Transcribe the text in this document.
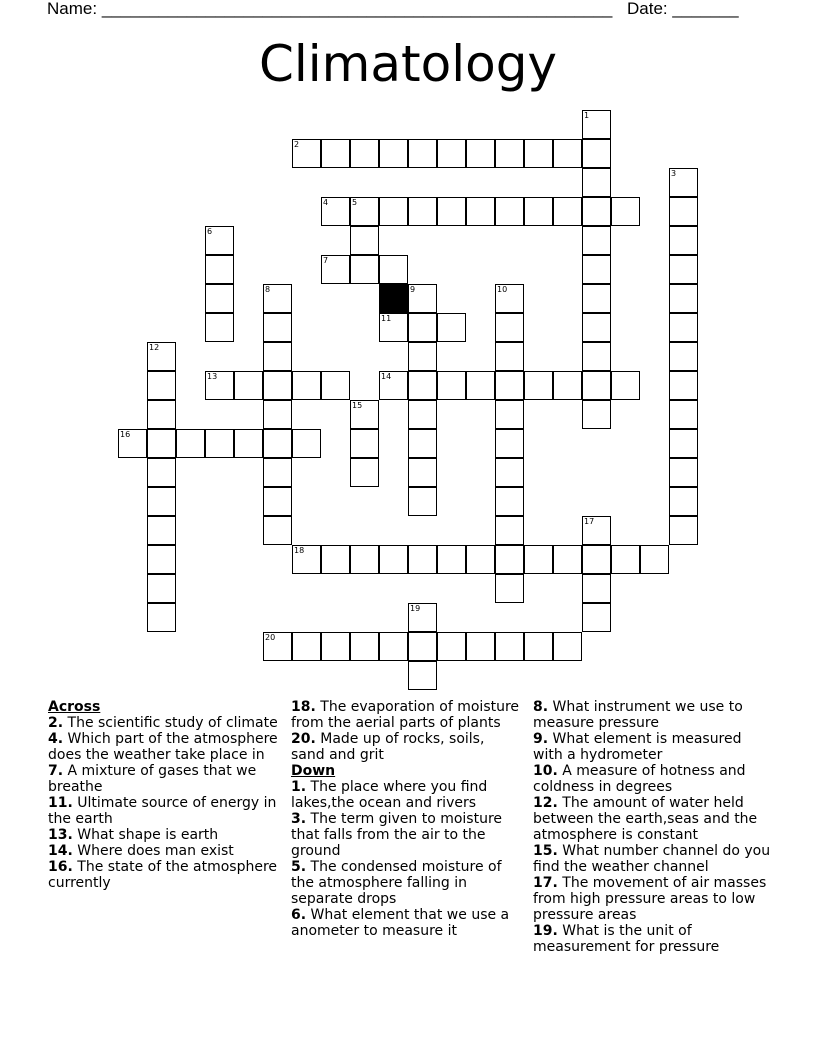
Name: ______________________________________________________ Date: _______
Climatology
1
2
3
4	5
6
7
8	9	10
11
12
13	14
15
16
17
18
19
20
Across
2. The scientific study of climate
4. Which part of the atmosphere does the weather take place in
7. A mixture of gases that we breathe
11. Ultimate source of energy in the earth
13. What shape is earth
14. Where does man exist
16. The state of the atmosphere currently
18. The evaporation of moisture from the aerial parts of plants
20. Made up of rocks, soils, sand and grit
Down
1. The place where you find lakes,the ocean and rivers
3. The term given to moisture that falls from the air to the ground
5. The condensed moisture of the atmosphere falling in separate drops
6. What element that we use a anometer to measure it
8. What instrument we use to measure pressure
9. What element is measured with a hydrometer
10. A measure of hotness and coldness in degrees
12. The amount of water held between the earth,seas and the atmosphere is constant
15. What number channel do you find the weather channel
17. The movement of air masses from high pressure areas to low pressure areas
19. What is the unit of measurement for pressure
